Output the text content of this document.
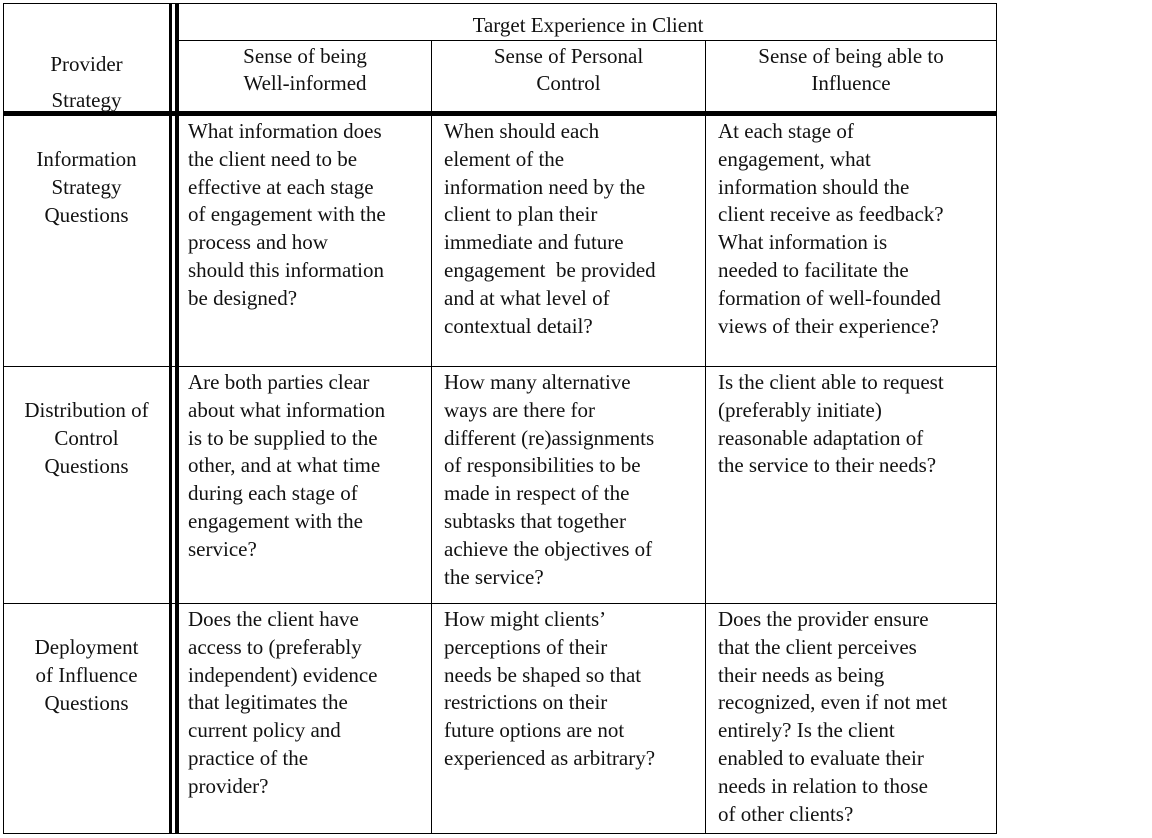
Provider
Strategy
Target Experience in Client
Sense of being
Well-informed
Sense of Personal
Control
Sense of being able to
Influence
Information
Strategy
Questions
What information does
the client need to be
effective at each stage
of engagement with the
process and how
should this information
be designed?
When should each
element of the
information need by the
client to plan their
immediate and future
engagement  be provided
and at what level of
contextual detail?
At each stage of
engagement, what
information should the
client receive as feedback?
What information is
needed to facilitate the
formation of well-founded
views of their experience?
Distribution of
Control
Questions
Are both parties clear
about what information
is to be supplied to the
other, and at what time
during each stage of
engagement with the
service?
How many alternative
ways are there for
different (re)assignments
of responsibilities to be
made in respect of the
subtasks that together
achieve the objectives of
the service?
Is the client able to request
(preferably initiate)
reasonable adaptation of
the service to their needs?
Deployment
of Influence
Questions
Does the client have
access to (preferably
independent) evidence
that legitimates the
current policy and
practice of the
provider?
How might clients’
perceptions of their
needs be shaped so that
restrictions on their
future options are not
experienced as arbitrary?
Does the provider ensure
that the client perceives
their needs as being
recognized, even if not met
entirely? Is the client
enabled to evaluate their
needs in relation to those
of other clients?
